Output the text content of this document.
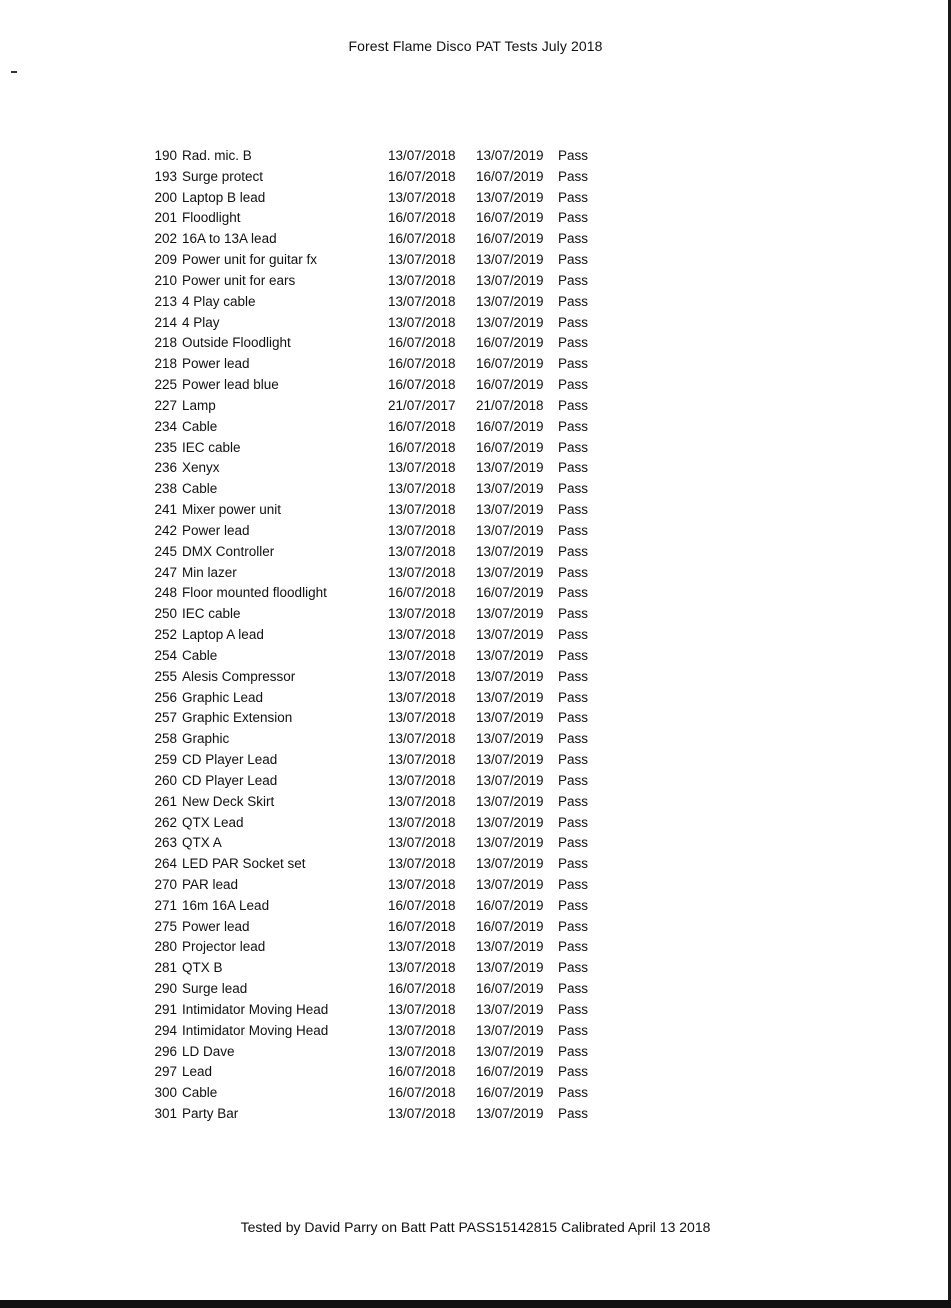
Forest Flame Disco PAT Tests July 2018
190 Rad. mic. B	13/07/2018 13/07/2019 Pass
193 Surge protect	16/07/2018 16/07/2019 Pass
200 Laptop B lead	13/07/2018 13/07/2019 Pass
201 Floodlight	16/07/2018 16/07/2019 Pass
202 16A to 13A lead	16/07/2018 16/07/2019 Pass
209 Power unit for guitar fx	13/07/2018 13/07/2019 Pass
210 Power unit for ears	13/07/2018 13/07/2019 Pass
213 4 Play cable	13/07/2018 13/07/2019 Pass
214 4 Play	13/07/2018 13/07/2019 Pass
218 Outside Floodlight	16/07/2018 16/07/2019 Pass
218 Power lead	16/07/2018 16/07/2019 Pass
225 Power lead blue	16/07/2018 16/07/2019 Pass
227 Lamp	21/07/2017 21/07/2018 Pass
234 Cable	16/07/2018 16/07/2019 Pass
235 IEC cable	16/07/2018 16/07/2019 Pass
236 Xenyx	13/07/2018 13/07/2019 Pass
238 Cable	13/07/2018 13/07/2019 Pass
241 Mixer power unit	13/07/2018 13/07/2019 Pass
242 Power lead	13/07/2018 13/07/2019 Pass
245 DMX Controller	13/07/2018 13/07/2019 Pass
247 Min lazer	13/07/2018 13/07/2019 Pass
248 Floor mounted floodlight	16/07/2018 16/07/2019 Pass
250 IEC cable	13/07/2018 13/07/2019 Pass
252 Laptop A lead	13/07/2018 13/07/2019 Pass
254 Cable	13/07/2018 13/07/2019 Pass
255 Alesis Compressor	13/07/2018 13/07/2019 Pass
256 Graphic Lead	13/07/2018 13/07/2019 Pass
257 Graphic Extension	13/07/2018 13/07/2019 Pass
258 Graphic	13/07/2018 13/07/2019 Pass
259 CD Player Lead	13/07/2018 13/07/2019 Pass
260 CD Player Lead	13/07/2018 13/07/2019 Pass
261 New Deck Skirt	13/07/2018 13/07/2019 Pass
262 QTX Lead	13/07/2018 13/07/2019 Pass
263 QTX A	13/07/2018 13/07/2019 Pass
264 LED PAR Socket set	13/07/2018 13/07/2019 Pass
270 PAR lead	13/07/2018 13/07/2019 Pass
271 16m 16A Lead	16/07/2018 16/07/2019 Pass
275 Power lead	16/07/2018 16/07/2019 Pass
280 Projector lead	13/07/2018 13/07/2019 Pass
281 QTX B	13/07/2018 13/07/2019 Pass
290 Surge lead	16/07/2018 16/07/2019 Pass
291 Intimidator Moving Head	13/07/2018 13/07/2019 Pass
294 Intimidator Moving Head	13/07/2018 13/07/2019 Pass
296 LD Dave	13/07/2018 13/07/2019 Pass
297 Lead	16/07/2018 16/07/2019 Pass
300 Cable	16/07/2018 16/07/2019 Pass
301 Party Bar	13/07/2018 13/07/2019 Pass
Tested by David Parry on Batt Patt PASS15142815 Calibrated April 13 2018
